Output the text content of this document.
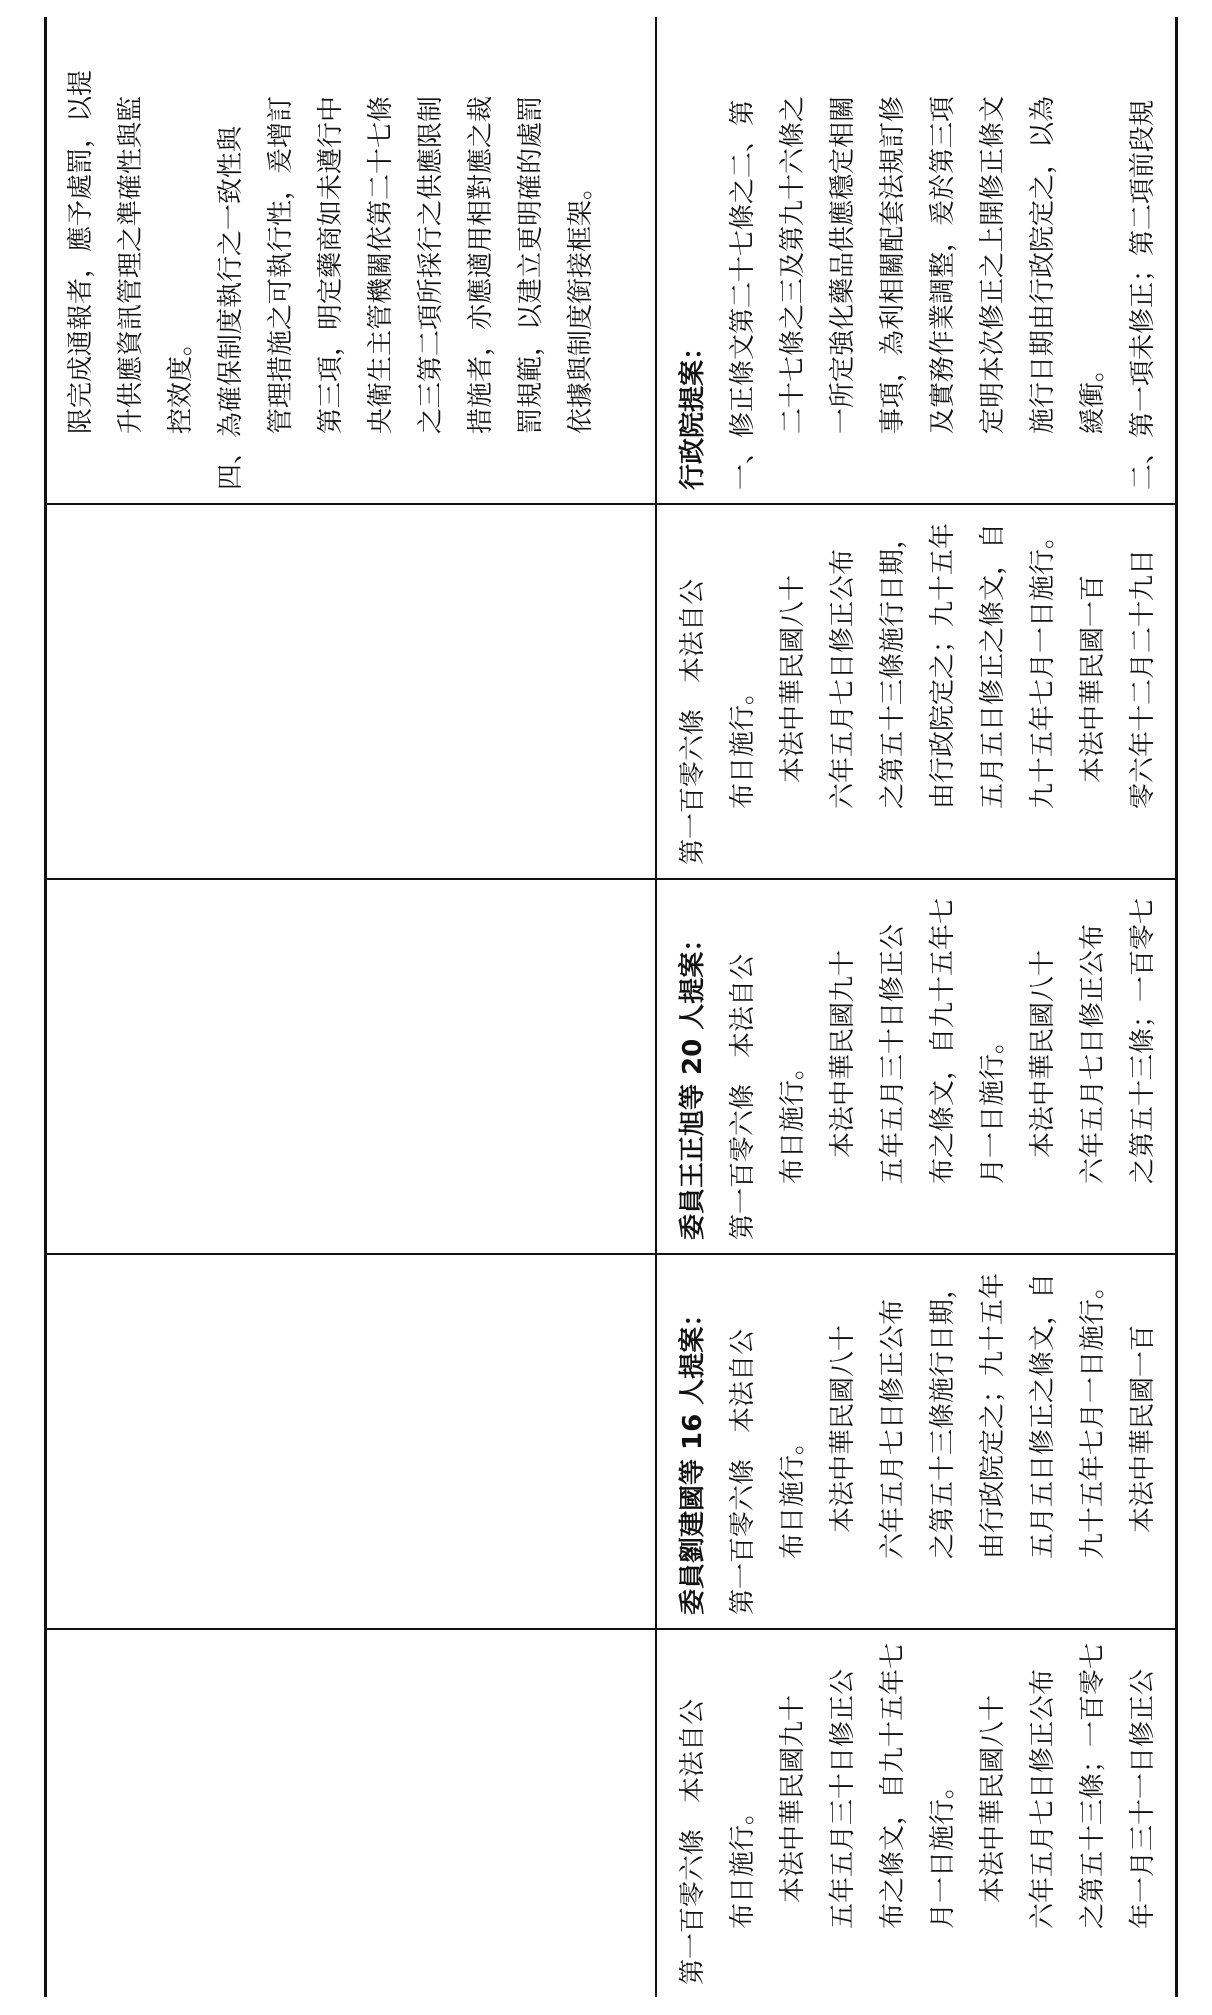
第一百零六條　本法自公 布日施行。 　本法中華民國九十 五年五月三十日修正公 布之條文，自九十五年七 月一日施行。 　本法中華民國八十 六年五月七日修正公布 之第五十三條；一百零七 年一月三十一日修正公

委員劉建國等 16 人提案： 第一百零六條　本法自公 布日施行。 　本法中華民國八十 六年五月七日修正公布 之第五十三條施行日期， 由行政院定之；九十五年 五月五日修正之條文，自 九十五年七月一日施行。 　本法中華民國一百

委員王正旭等 20 人提案： 第一百零六條　本法自公 布日施行。 　本法中華民國九十 五年五月三十日修正公 布之條文，自九十五年七 月一日施行。 　本法中華民國八十 六年五月七日修正公布 之第五十三條；一百零七

第一百零六條　本法自公 布日施行。 　本法中華民國八十 六年五月七日修正公布 之第五十三條施行日期， 由行政院定之；九十五年 五月五日修正之條文，自 九十五年七月一日施行。 　本法中華民國一百 零六年十二月二十九日

行政院提案： 一、修正條文第二十七條之二、第 二十七條之三及第九十六條之 一所定強化藥品供應穩定相關 事項，為利相關配套法規訂修 及實務作業調整，爰於第三項 定明本次修正之上開修正條文 施行日期由行政院定之，以為 緩衝。 二、第一項未修正；第二項前段規

限完成通報者，應予處罰，以提 升供應資訊管理之準確性與監 控效度。 四、為確保制度執行之一致性與 管理措施之可執行性，爰增訂 第三項，明定藥商如未遵行中 央衛生主管機關依第二十七條 之三第二項所採行之供應限制 措施者，亦應適用相對應之裁 罰規範，以建立更明確的處罰 依據與制度銜接框架。
